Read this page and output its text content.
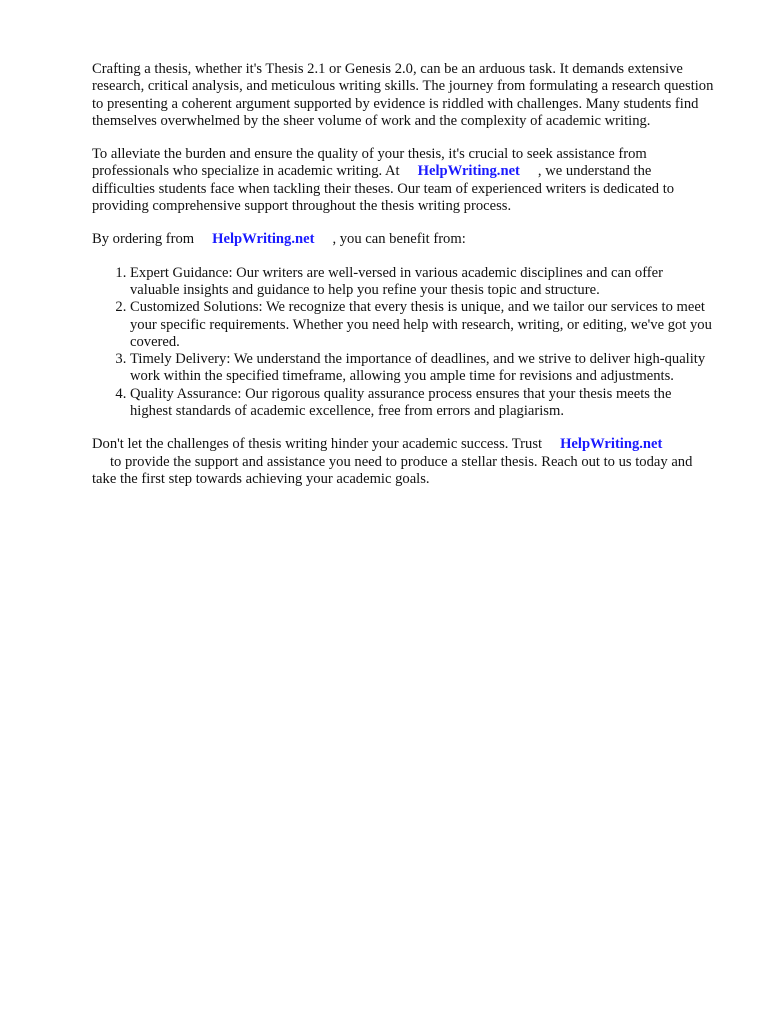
Crafting a thesis, whether it's Thesis 2.1 or Genesis 2.0, can be an arduous task. It demands extensive research, critical analysis, and meticulous writing skills. The journey from formulating a research question to presenting a coherent argument supported by evidence is riddled with challenges. Many students find themselves overwhelmed by the sheer volume of work and the complexity of academic writing.

To alleviate the burden and ensure the quality of your thesis, it's crucial to seek assistance from professionals who specialize in academic writing. At HelpWriting.net , we understand the difficulties students face when tackling their theses. Our team of experienced writers is dedicated to providing comprehensive support throughout the thesis writing process.

By ordering from HelpWriting.net , you can benefit from:

1. Expert Guidance: Our writers are well-versed in various academic disciplines and can offer valuable insights and guidance to help you refine your thesis topic and structure.
2. Customized Solutions: We recognize that every thesis is unique, and we tailor our services to meet your specific requirements. Whether you need help with research, writing, or editing, we've got you covered.
3. Timely Delivery: We understand the importance of deadlines, and we strive to deliver high-quality work within the specified timeframe, allowing you ample time for revisions and adjustments.
4. Quality Assurance: Our rigorous quality assurance process ensures that your thesis meets the highest standards of academic excellence, free from errors and plagiarism.

Don't let the challenges of thesis writing hinder your academic success. Trust HelpWriting.net
to provide the support and assistance you need to produce a stellar thesis. Reach out to us today and take the first step towards achieving your academic goals.
